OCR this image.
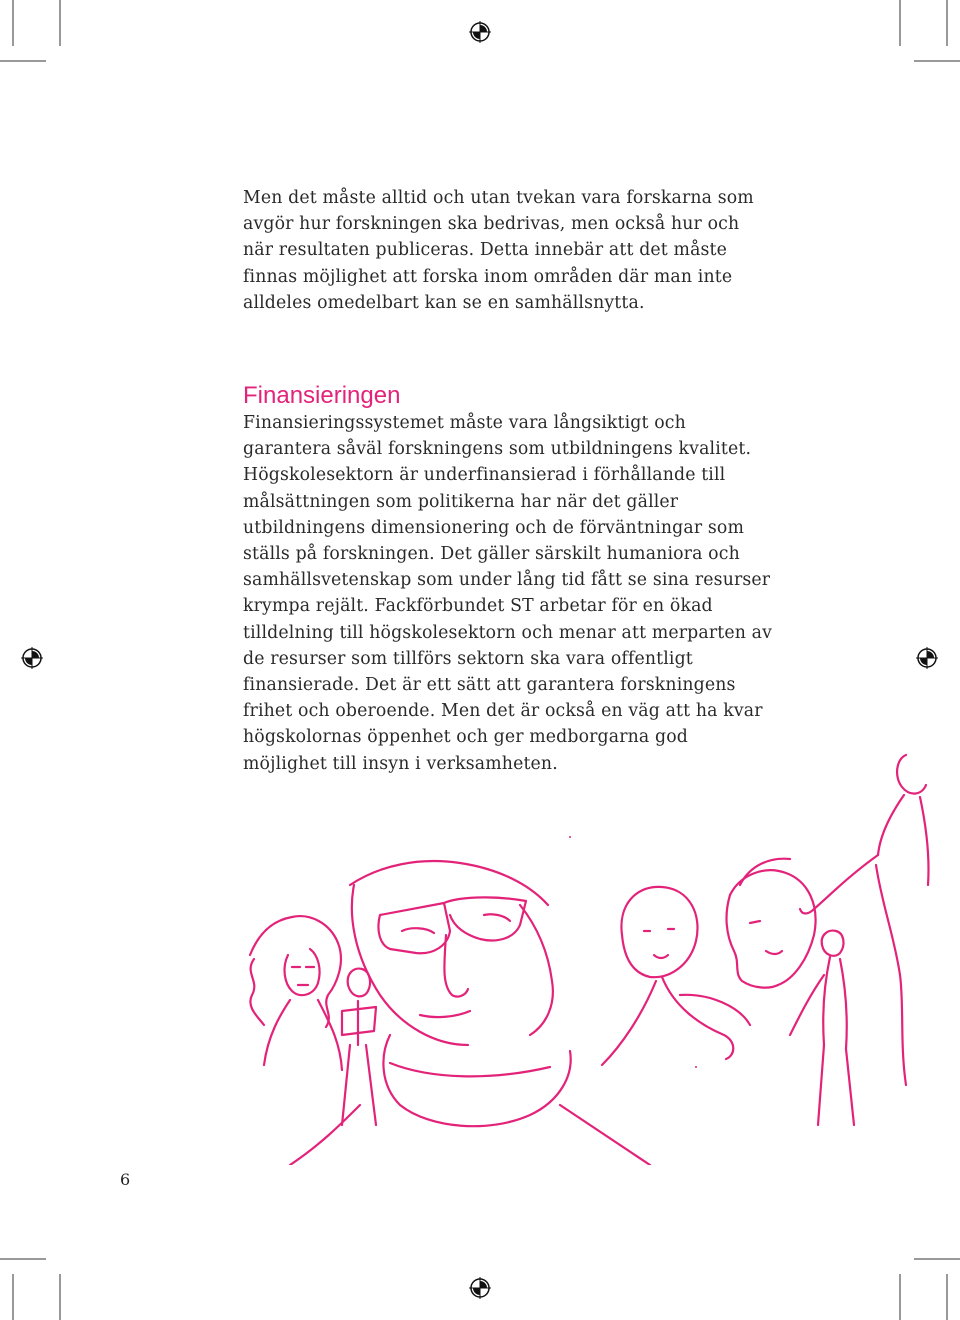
Men det måste alltid och utan tvekan vara forskarna som avgör hur forskningen ska bedrivas, men också hur och när resultaten publiceras. Detta innebär att det måste finnas möjlighet att forska inom områden där man inte alldeles omedelbart kan se en samhällsnytta.

Finansieringen

Finansieringssystemet måste vara långsiktigt och garantera såväl forskningens som utbildningens kvalitet. Högskolesektorn är underfinansierad i förhållande till målsättningen som politikerna har när det gäller utbildningens dimensionering och de förväntningar som ställs på forskningen. Det gäller särskilt humaniora och samhällsvetenskap som under lång tid fått se sina resurser krympa rejält. Fackförbundet ST arbetar för en ökad tilldelning till högskolesektorn och menar att merparten av de resurser som tillförs sektorn ska vara offentligt finansierade. Det är ett sätt att garantera forskningens frihet och oberoende. Men det är också en väg att ha kvar högskolornas öppenhet och ger medborgarna god möjlighet till insyn i verksamheten.

6
